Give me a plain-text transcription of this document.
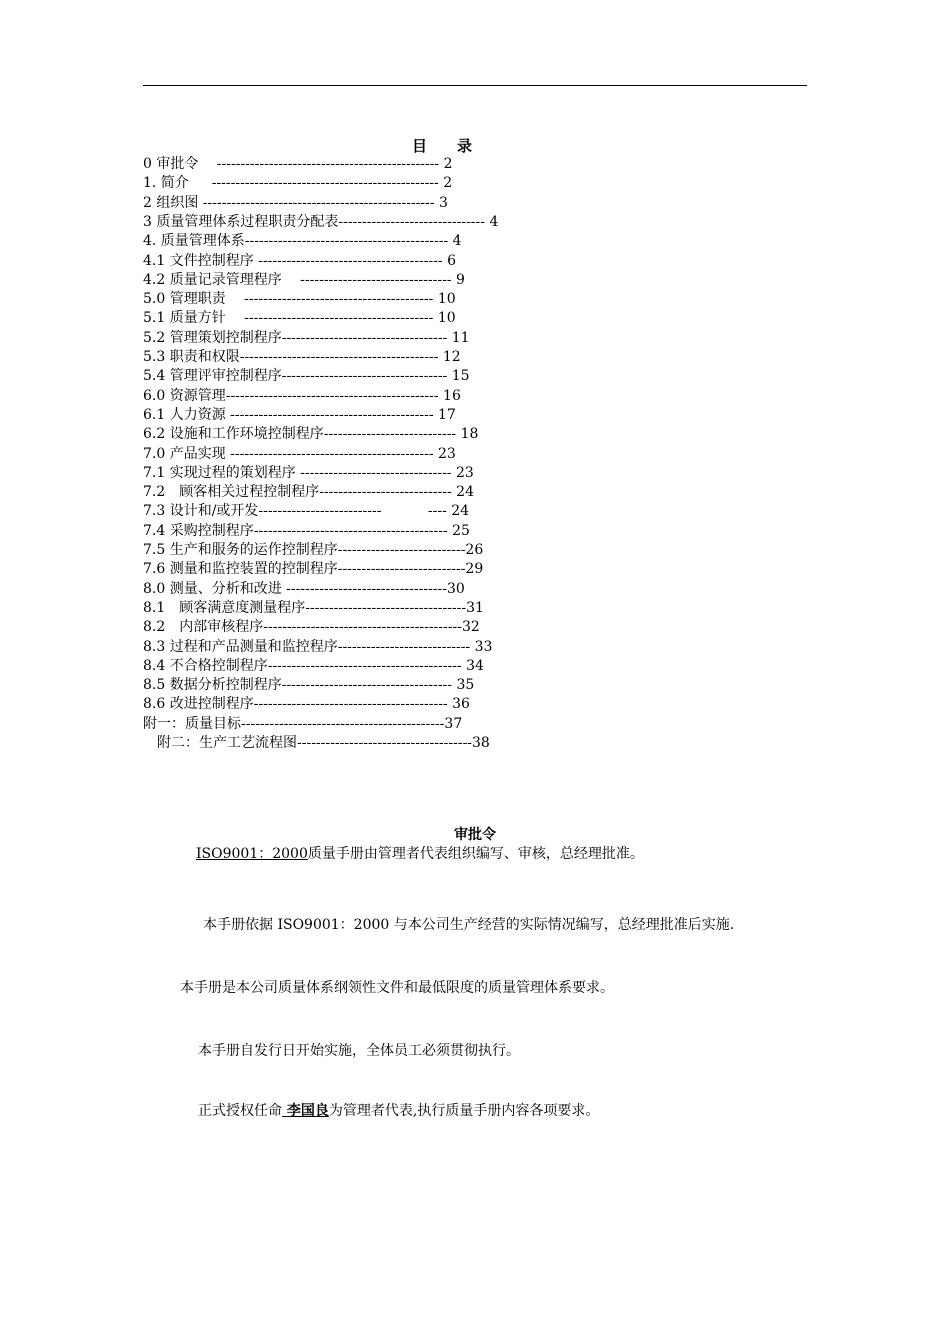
目　　录
0 审批令　 ----------------------------------------------- 2
1. 简介　  ------------------------------------------------ 2
2 组织图 ------------------------------------------------- 3
3 质量管理体系过程职责分配表------------------------------- 4
4. 质量管理体系------------------------------------------- 4
4.1 文件控制程序 --------------------------------------- 6
4.2 质量记录管理程序　 -------------------------------- 9
5.0 管理职责　 ---------------------------------------- 10
5.1 质量方针　 ---------------------------------------- 10
5.2 管理策划控制程序----------------------------------- 11
5.3 职责和权限------------------------------------------ 12
5.4 管理评审控制程序----------------------------------- 15
6.0 资源管理--------------------------------------------- 16
6.1 人力资源 ------------------------------------------- 17
6.2 设施和工作环境控制程序---------------------------- 18
7.0 产品实现 ------------------------------------------- 23
7.1 实现过程的策划程序 -------------------------------- 23
7.2　顾客相关过程控制程序---------------------------- 24
7.3 设计和/或开发--------------------------　　　 ---- 24
7.4 采购控制程序----------------------------------------- 25
7.5 生产和服务的运作控制程序---------------------------26
7.6 测量和监控装置的控制程序---------------------------29
8.0 测量、分析和改进 ----------------------------------30
8.1　顾客满意度测量程序----------------------------------31
8.2　内部审核程序------------------------------------------32
8.3 过程和产品测量和监控程序---------------------------- 33
8.4 不合格控制程序----------------------------------------- 34
8.5 数据分析控制程序------------------------------------ 35
8.6 改进控制程序----------------------------------------- 36
附一：质量目标-------------------------------------------37
　附二：生产工艺流程图-------------------------------------38
审批令
ISO9001：2000质量手册由管理者代表组织编写、审核，总经理批准。
本手册依据 ISO9001：2000 与本公司生产经营的实际情况编写，总经理批准后实施.
本手册是本公司质量体系纲领性文件和最低限度的质量管理体系要求。
本手册自发行日开始实施，全体员工必须贯彻执行。
正式授权任命 李国良为管理者代表,执行质量手册内容各项要求。
